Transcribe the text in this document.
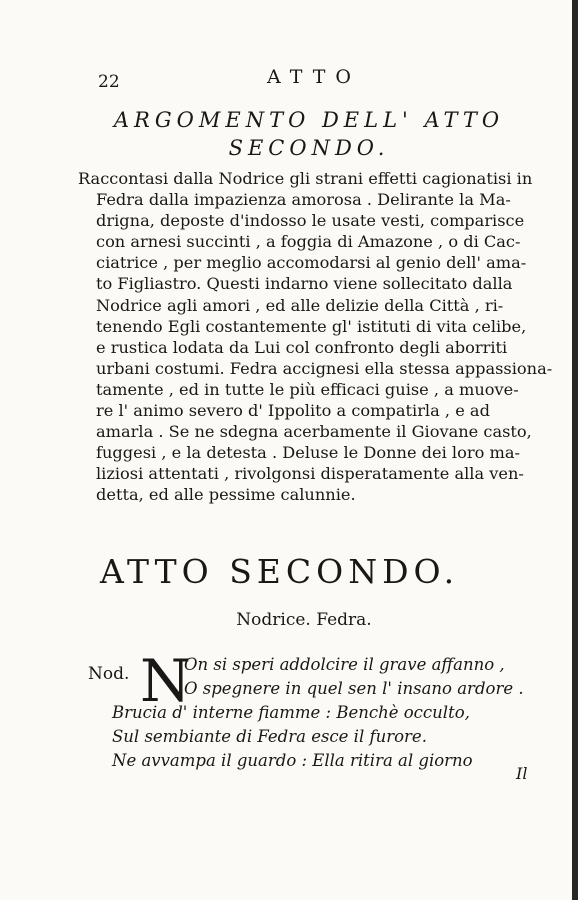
22	ATTO
ARGOMENTO DELL' ATTO
SECONDO.
Raccontasi dalla Nodrice gli strani effetti cagionatisi in
Fedra dalla impazienza amorosa . Delirante la Ma-
drigna, deposte d'indosso le usate vesti, comparisce
con arnesi succinti , a foggia di Amazone , o di Cac-
ciatrice , per meglio accomodarsi al genio dell' ama-
to Figliastro. Questi indarno viene sollecitato dalla
Nodrice agli amori , ed alle delizie della Città , ri-
tenendo Egli costantemente gl' istituti di vita celibe,
e rustica lodata da Lui col confronto degli aborriti
urbani costumi. Fedra accignesi ella stessa appassiona-
tamente , ed in tutte le più efficaci guise , a muove-
re l' animo severo d' Ippolito a compatirla , e ad
amarla . Se ne sdegna acerbamente il Giovane casto,
fuggesi , e la detesta . Deluse le Donne dei loro ma-
liziosi attentati , rivolgonsi disperatamente alla ven-
detta, ed alle pessime calunnie.
ATTO SECONDO.
Nodrice. Fedra.
Nod. N
On si speri addolcire il grave affanno ,
O spegnere in quel sen l' insano ardore .
Brucia d' interne fiamme : Benchè occulto,
Sul sembiante di Fedra esce il furore.
Ne avvampa il guardo : Ella ritira al giorno
Il
